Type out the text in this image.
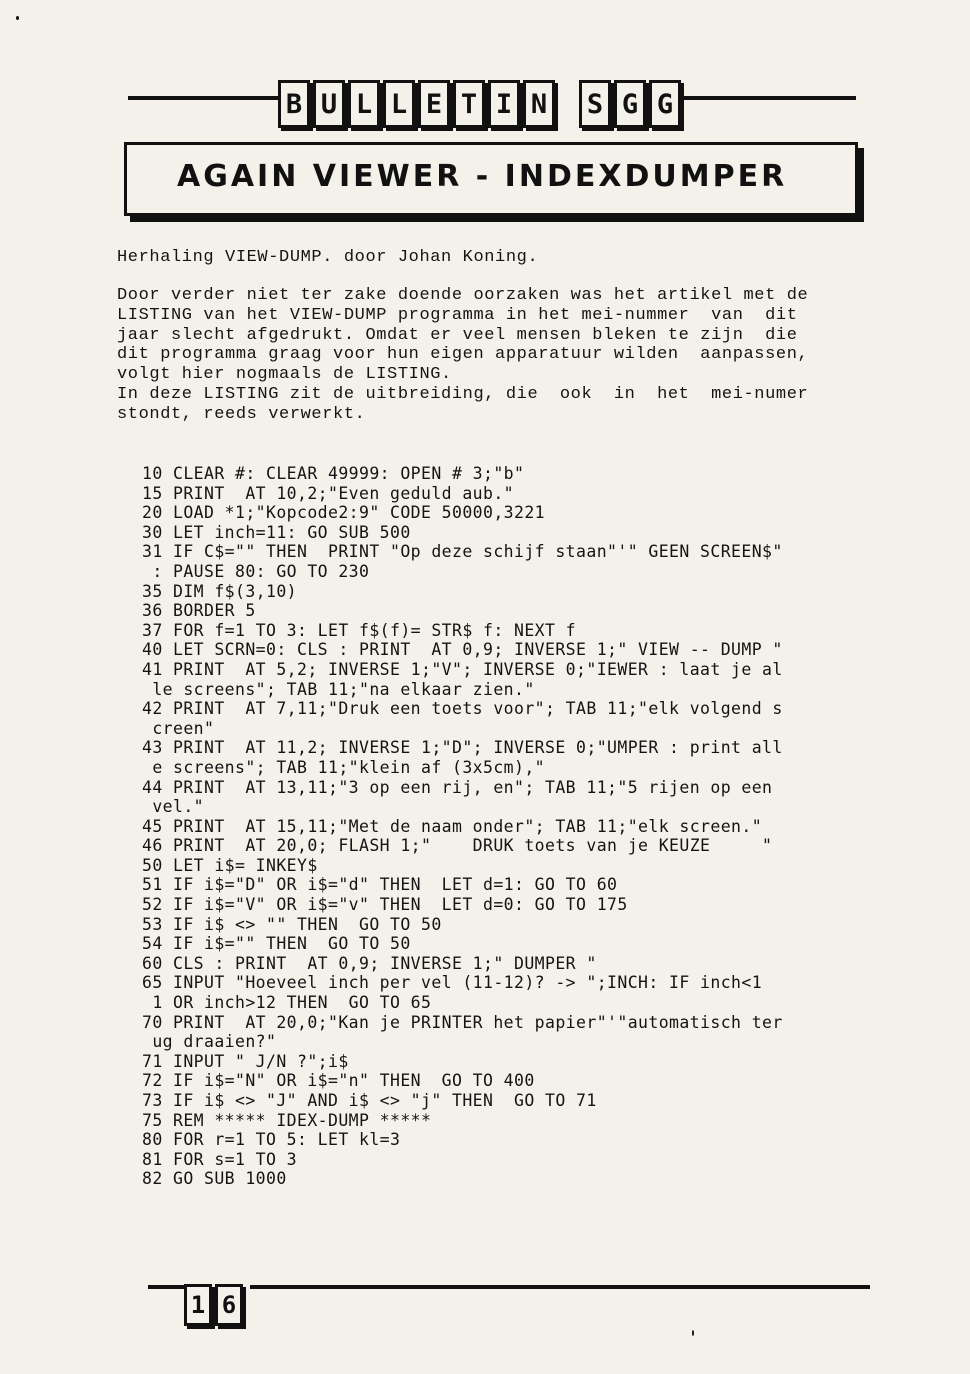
B U L L E T I N S G G
AGAIN VIEWER - INDEXDUMPER

Herhaling VIEW-DUMP. door Johan Koning.

Door verder niet ter zake doende oorzaken was het artikel met de
LISTING van het VIEW-DUMP programma in het mei-nummer  van  dit
jaar slecht afgedrukt. Omdat er veel mensen bleken te zijn  die
dit programma graag voor hun eigen apparatuur wilden  aanpassen,
volgt hier nogmaals de LISTING.
In deze LISTING zit de uitbreiding, die  ook  in  het  mei-numer
stondt, reeds verwerkt.

10 CLEAR #: CLEAR 49999: OPEN # 3;"b"
15 PRINT  AT 10,2;"Even geduld aub."
20 LOAD *1;"Kopcode2:9" CODE 50000,3221
30 LET inch=11: GO SUB 500
31 IF C$="" THEN  PRINT "Op deze schijf staan"'" GEEN SCREEN$"
: PAUSE 80: GO TO 230
35 DIM f$(3,10)
36 BORDER 5
37 FOR f=1 TO 3: LET f$(f)= STR$ f: NEXT f
40 LET SCRN=0: CLS : PRINT  AT 0,9; INVERSE 1;" VIEW -- DUMP "
41 PRINT  AT 5,2; INVERSE 1;"V"; INVERSE 0;"IEWER : laat je al
le screens"; TAB 11;"na elkaar zien."
42 PRINT  AT 7,11;"Druk een toets voor"; TAB 11;"elk volgend s
creen"
43 PRINT  AT 11,2; INVERSE 1;"D"; INVERSE 0;"UMPER : print all
e screens"; TAB 11;"klein af (3x5cm),"
44 PRINT  AT 13,11;"3 op een rij, en"; TAB 11;"5 rijen op een
vel."
45 PRINT  AT 15,11;"Met de naam onder"; TAB 11;"elk screen."
46 PRINT  AT 20,0; FLASH 1;"    DRUK toets van je KEUZE     "
50 LET i$= INKEY$
51 IF i$="D" OR i$="d" THEN  LET d=1: GO TO 60
52 IF i$="V" OR i$="v" THEN  LET d=0: GO TO 175
53 IF i$ <> "" THEN  GO TO 50
54 IF i$="" THEN  GO TO 50
60 CLS : PRINT  AT 0,9; INVERSE 1;" DUMPER "
65 INPUT "Hoeveel inch per vel (11-12)? -> ";INCH: IF inch<1
1 OR inch>12 THEN  GO TO 65
70 PRINT  AT 20,0;"Kan je PRINTER het papier"'"automatisch ter
ug draaien?"
71 INPUT " J/N ?";i$
72 IF i$="N" OR i$="n" THEN  GO TO 400
73 IF i$ <> "J" AND i$ <> "j" THEN  GO TO 71
75 REM ***** IDEX-DUMP *****
80 FOR r=1 TO 5: LET kl=3
81 FOR s=1 TO 3
82 GO SUB 1000
1 6
